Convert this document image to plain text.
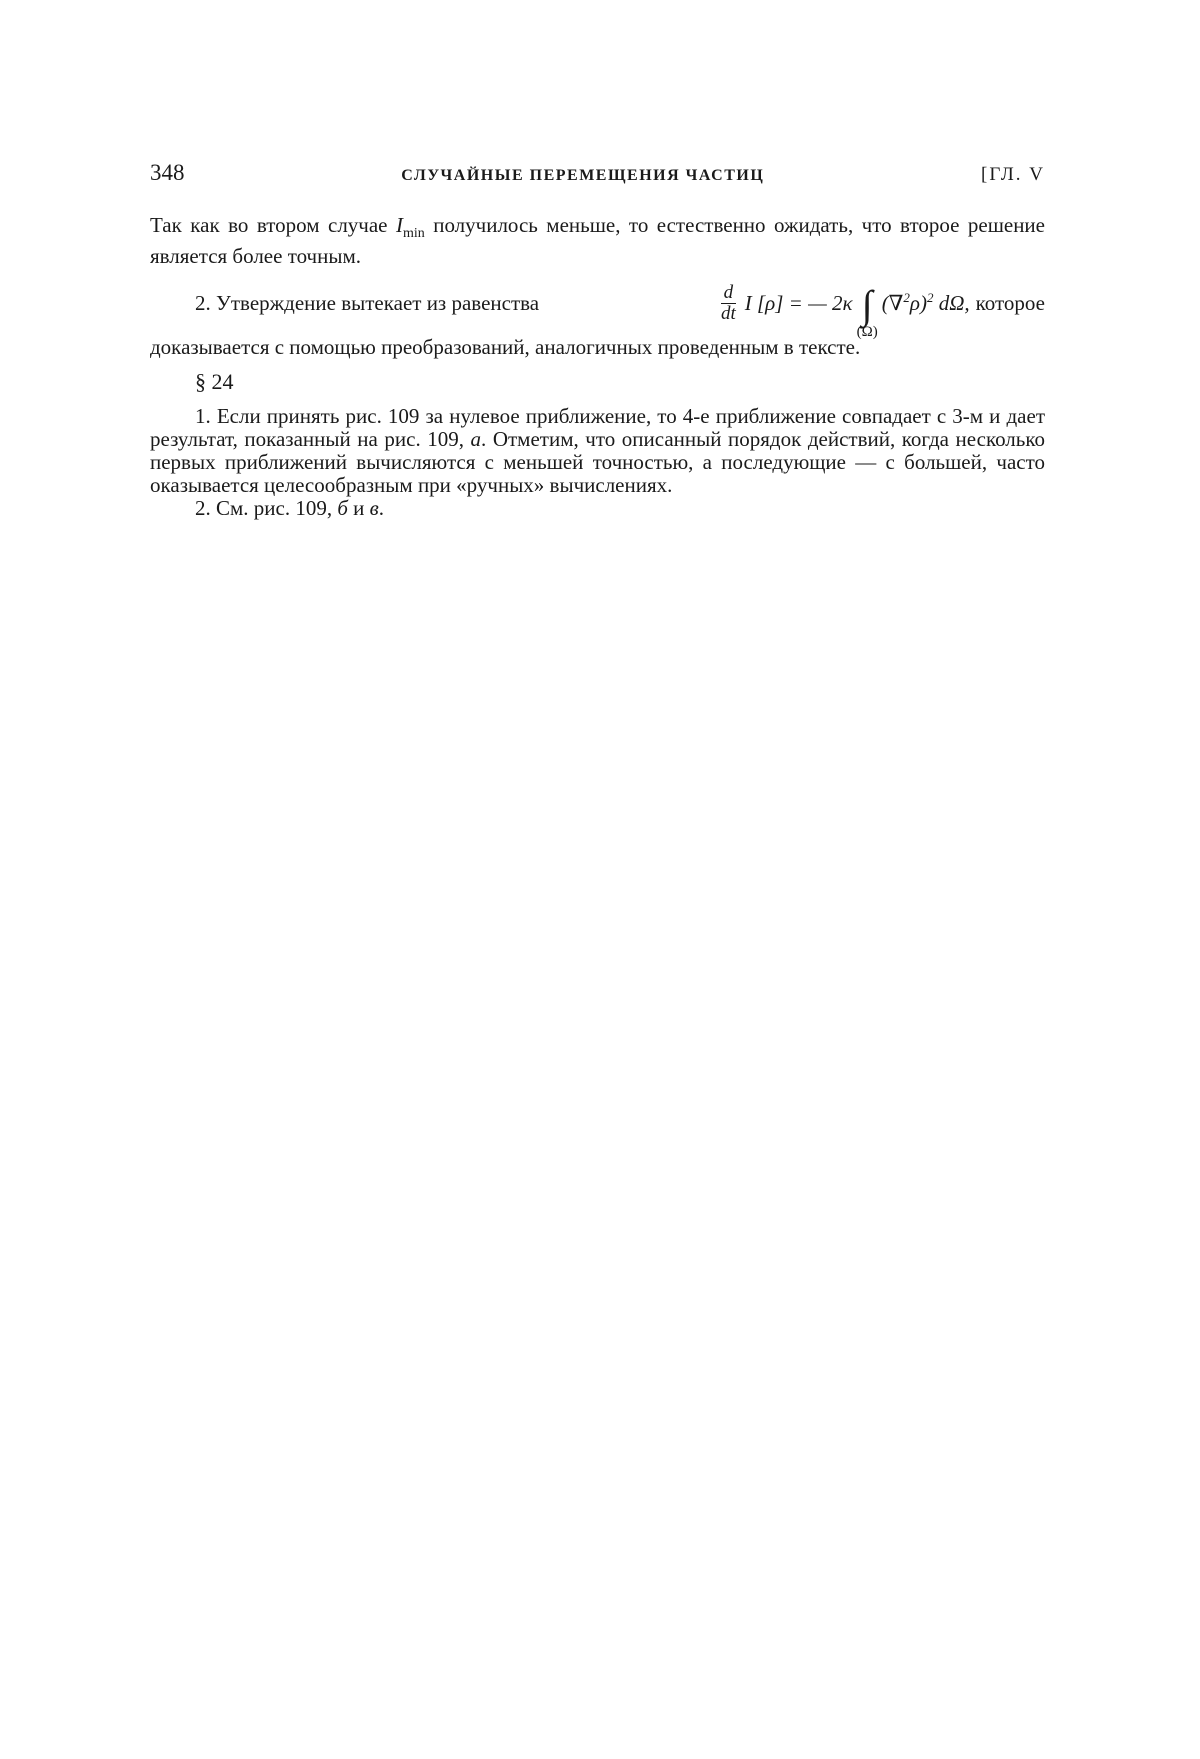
348	СЛУЧАЙНЫЕ ПЕРЕМЕЩЕНИЯ ЧАСТИЦ	[ГЛ. V

Так как во втором случае $I_{min}$ получилось меньше, то естественно ожидать, что второе решение является более точным.

2. Утверждение вытекает из равенства	$\frac{d}{dt}$ I [ρ] = — 2κ ∫
(Ω)
$(\nabla^2\rho)^2$ dΩ, которое

доказывается с помощью преобразований, аналогичных проведенным в тексте.

§ 24

1. Если принять рис. 109 за нулевое приближение, то 4-е приближение совпадает с 3-м и дает результат, показанный на рис. 109, а. Отметим, что описанный порядок действий, когда несколько первых приближений вычисляются с меньшей точностью, а последующие — с большей, часто оказывается целесообразным при «ручных» вычислениях.

2. См. рис. 109, б и в.
